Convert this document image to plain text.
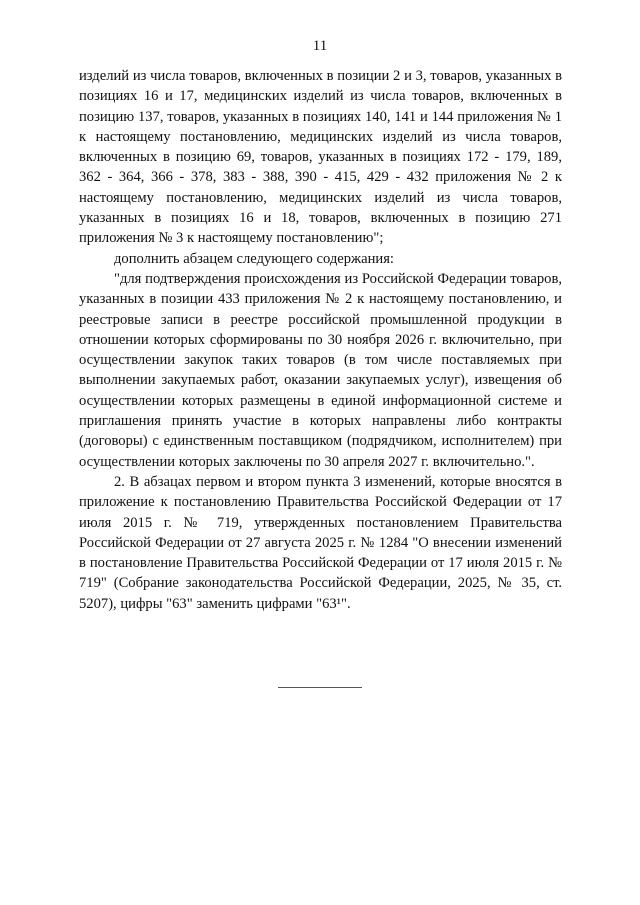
11

изделий из числа товаров, включенных в позиции 2 и 3, товаров, указанных в позициях 16 и 17, медицинских изделий из числа товаров, включенных в позицию 137, товаров, указанных в позициях 140, 141 и 144 приложения № 1 к настоящему постановлению, медицинских изделий из числа товаров, включенных в позицию 69, товаров, указанных в позициях 172 - 179, 189, 362 - 364, 366 - 378, 383 - 388, 390 - 415, 429 - 432 приложения № 2 к настоящему постановлению, медицинских изделий из числа товаров, указанных в позициях 16 и 18, товаров, включенных в позицию 271 приложения № 3 к настоящему постановлению";

дополнить абзацем следующего содержания:

"для подтверждения происхождения из Российской Федерации товаров, указанных в позиции 433 приложения № 2 к настоящему постановлению, и реестровые записи в реестре российской промышленной продукции в отношении которых сформированы по 30 ноября 2026 г. включительно, при осуществлении закупок таких товаров (в том числе поставляемых при выполнении закупаемых работ, оказании закупаемых услуг), извещения об осуществлении которых размещены в единой информационной системе и приглашения принять участие в которых направлены либо контракты (договоры) с единственным поставщиком (подрядчиком, исполнителем) при осуществлении которых заключены по 30 апреля 2027 г. включительно.".

2. В абзацах первом и втором пункта 3 изменений, которые вносятся в приложение к постановлению Правительства Российской Федерации от 17 июля 2015 г. № 719, утвержденных постановлением Правительства Российской Федерации от 27 августа 2025 г. № 1284 "О внесении изменений в постановление Правительства Российской Федерации от 17 июля 2015 г. № 719" (Собрание законодательства Российской Федерации, 2025, № 35, ст. 5207), цифры "63" заменить цифрами "63¹".
